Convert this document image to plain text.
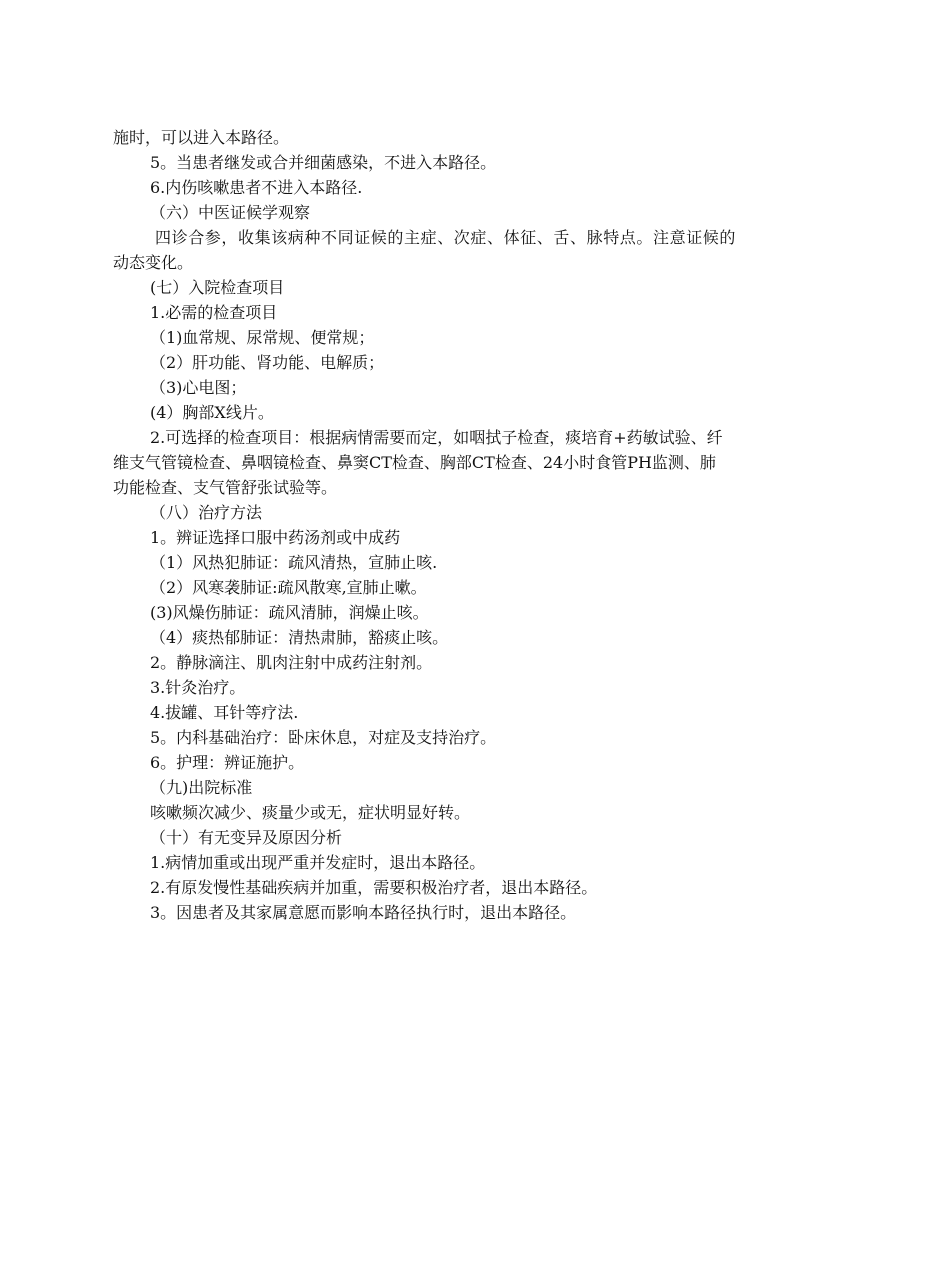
施时，可以进入本路径。
5。当患者继发或合并细菌感染，不进入本路径。
6.内伤咳嗽患者不进入本路径.
（六）中医证候学观察
四诊合参，收集该病种不同证候的主症、次症、体征、舌、脉特点。注意证候的
动态变化。
(七）入院检查项目
1.必需的检查项目
（1)血常规、尿常规、便常规；
（2）肝功能、肾功能、电解质；
（3)心电图；
(4）胸部X线片。
2.可选择的检查项目：根据病情需要而定，如咽拭子检查，痰培育+药敏试验、纤
维支气管镜检查、鼻咽镜检查、鼻窦CT检查、胸部CT检查、24小时食管PH监测、肺
功能检查、支气管舒张试验等。
（八）治疗方法
1。辨证选择口服中药汤剂或中成药
（1）风热犯肺证：疏风清热，宣肺止咳.
（2）风寒袭肺证:疏风散寒,宣肺止嗽。
(3)风燥伤肺证：疏风清肺，润燥止咳。
（4）痰热郁肺证：清热肃肺，豁痰止咳。
2。静脉滴注、肌肉注射中成药注射剂。
3.针灸治疗。
4.拔罐、耳针等疗法.
5。内科基础治疗：卧床休息，对症及支持治疗。
6。护理：辨证施护。
（九)出院标准
咳嗽频次减少、痰量少或无，症状明显好转。
（十）有无变异及原因分析
1.病情加重或出现严重并发症时，退出本路径。
2.有原发慢性基础疾病并加重，需要积极治疗者，退出本路径。
3。因患者及其家属意愿而影响本路径执行时，退出本路径。
